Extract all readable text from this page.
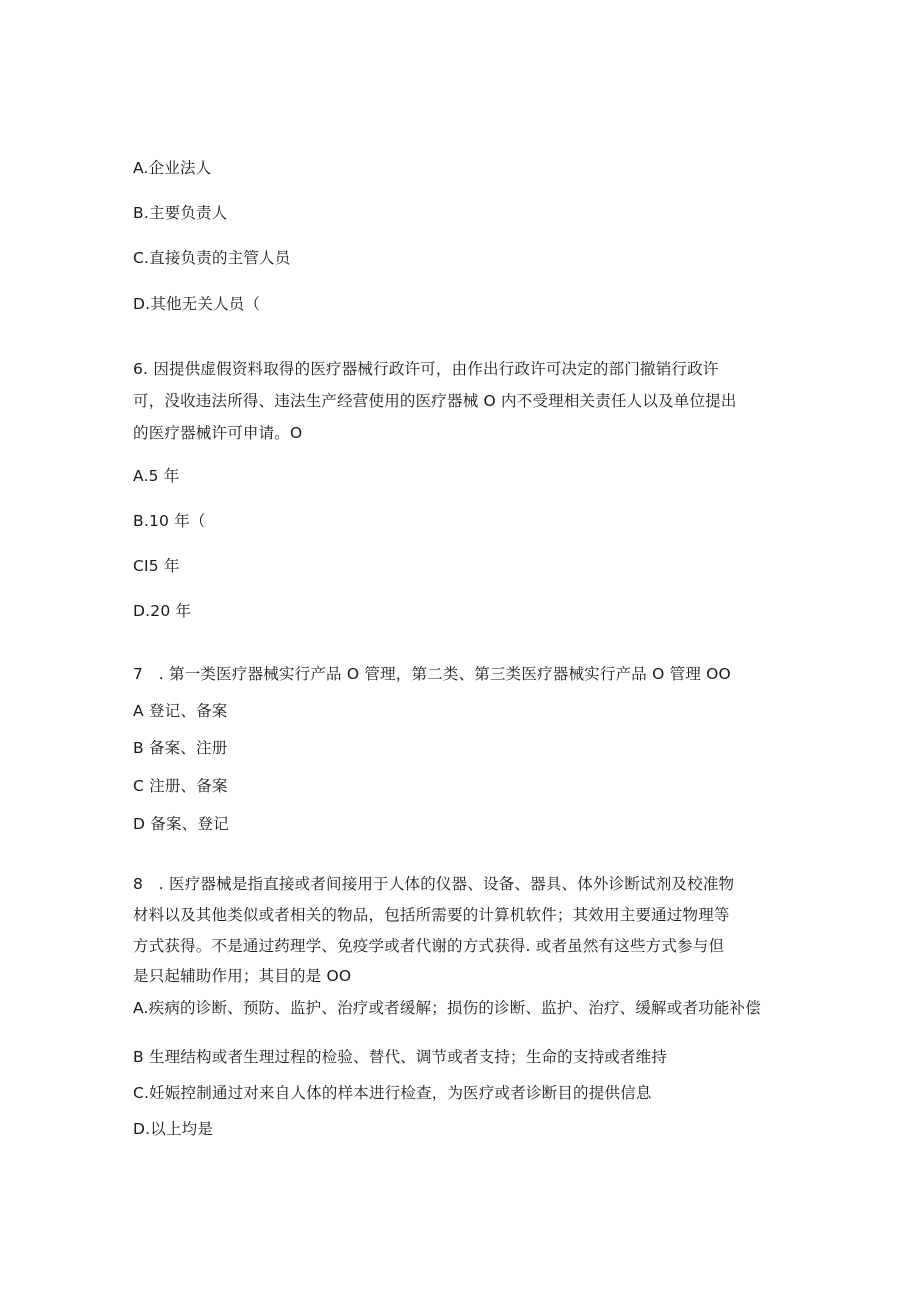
A.企业法人
B.主要负责人
C.直接负责的主管人员
D.其他无关人员（
6. 因提供虚假资料取得的医疗器械行政许可，由作出行政许可决定的部门撤销行政许
可，没收违法所得、违法生产经营使用的医疗器械 O 内不受理相关责任人以及单位提出
的医疗器械许可申请。O
A.5 年
B.10 年（
CI5 年
D.20 年
7　. 第一类医疗器械实行产品 O 管理，第二类、第三类医疗器械实行产品 O 管理 OO
A 登记、备案
B 备案、注册
C 注册、备案
D 备案、登记
8　. 医疗器械是指直接或者间接用于人体的仪器、设备、器具、体外诊断试剂及校准物
材料以及其他类似或者相关的物品，包括所需要的计算机软件；其效用主要通过物理等
方式获得。不是通过药理学、免疫学或者代谢的方式获得. 或者虽然有这些方式参与但
是只起辅助作用；其目的是 OO
A.疾病的诊断、预防、监护、治疗或者缓解；损伤的诊断、监护、治疗、缓解或者功能补偿
B 生理结构或者生理过程的检验、替代、调节或者支持；生命的支持或者维持
C.妊娠控制通过对来自人体的样本进行检查，为医疗或者诊断目的提供信息
D.以上均是
